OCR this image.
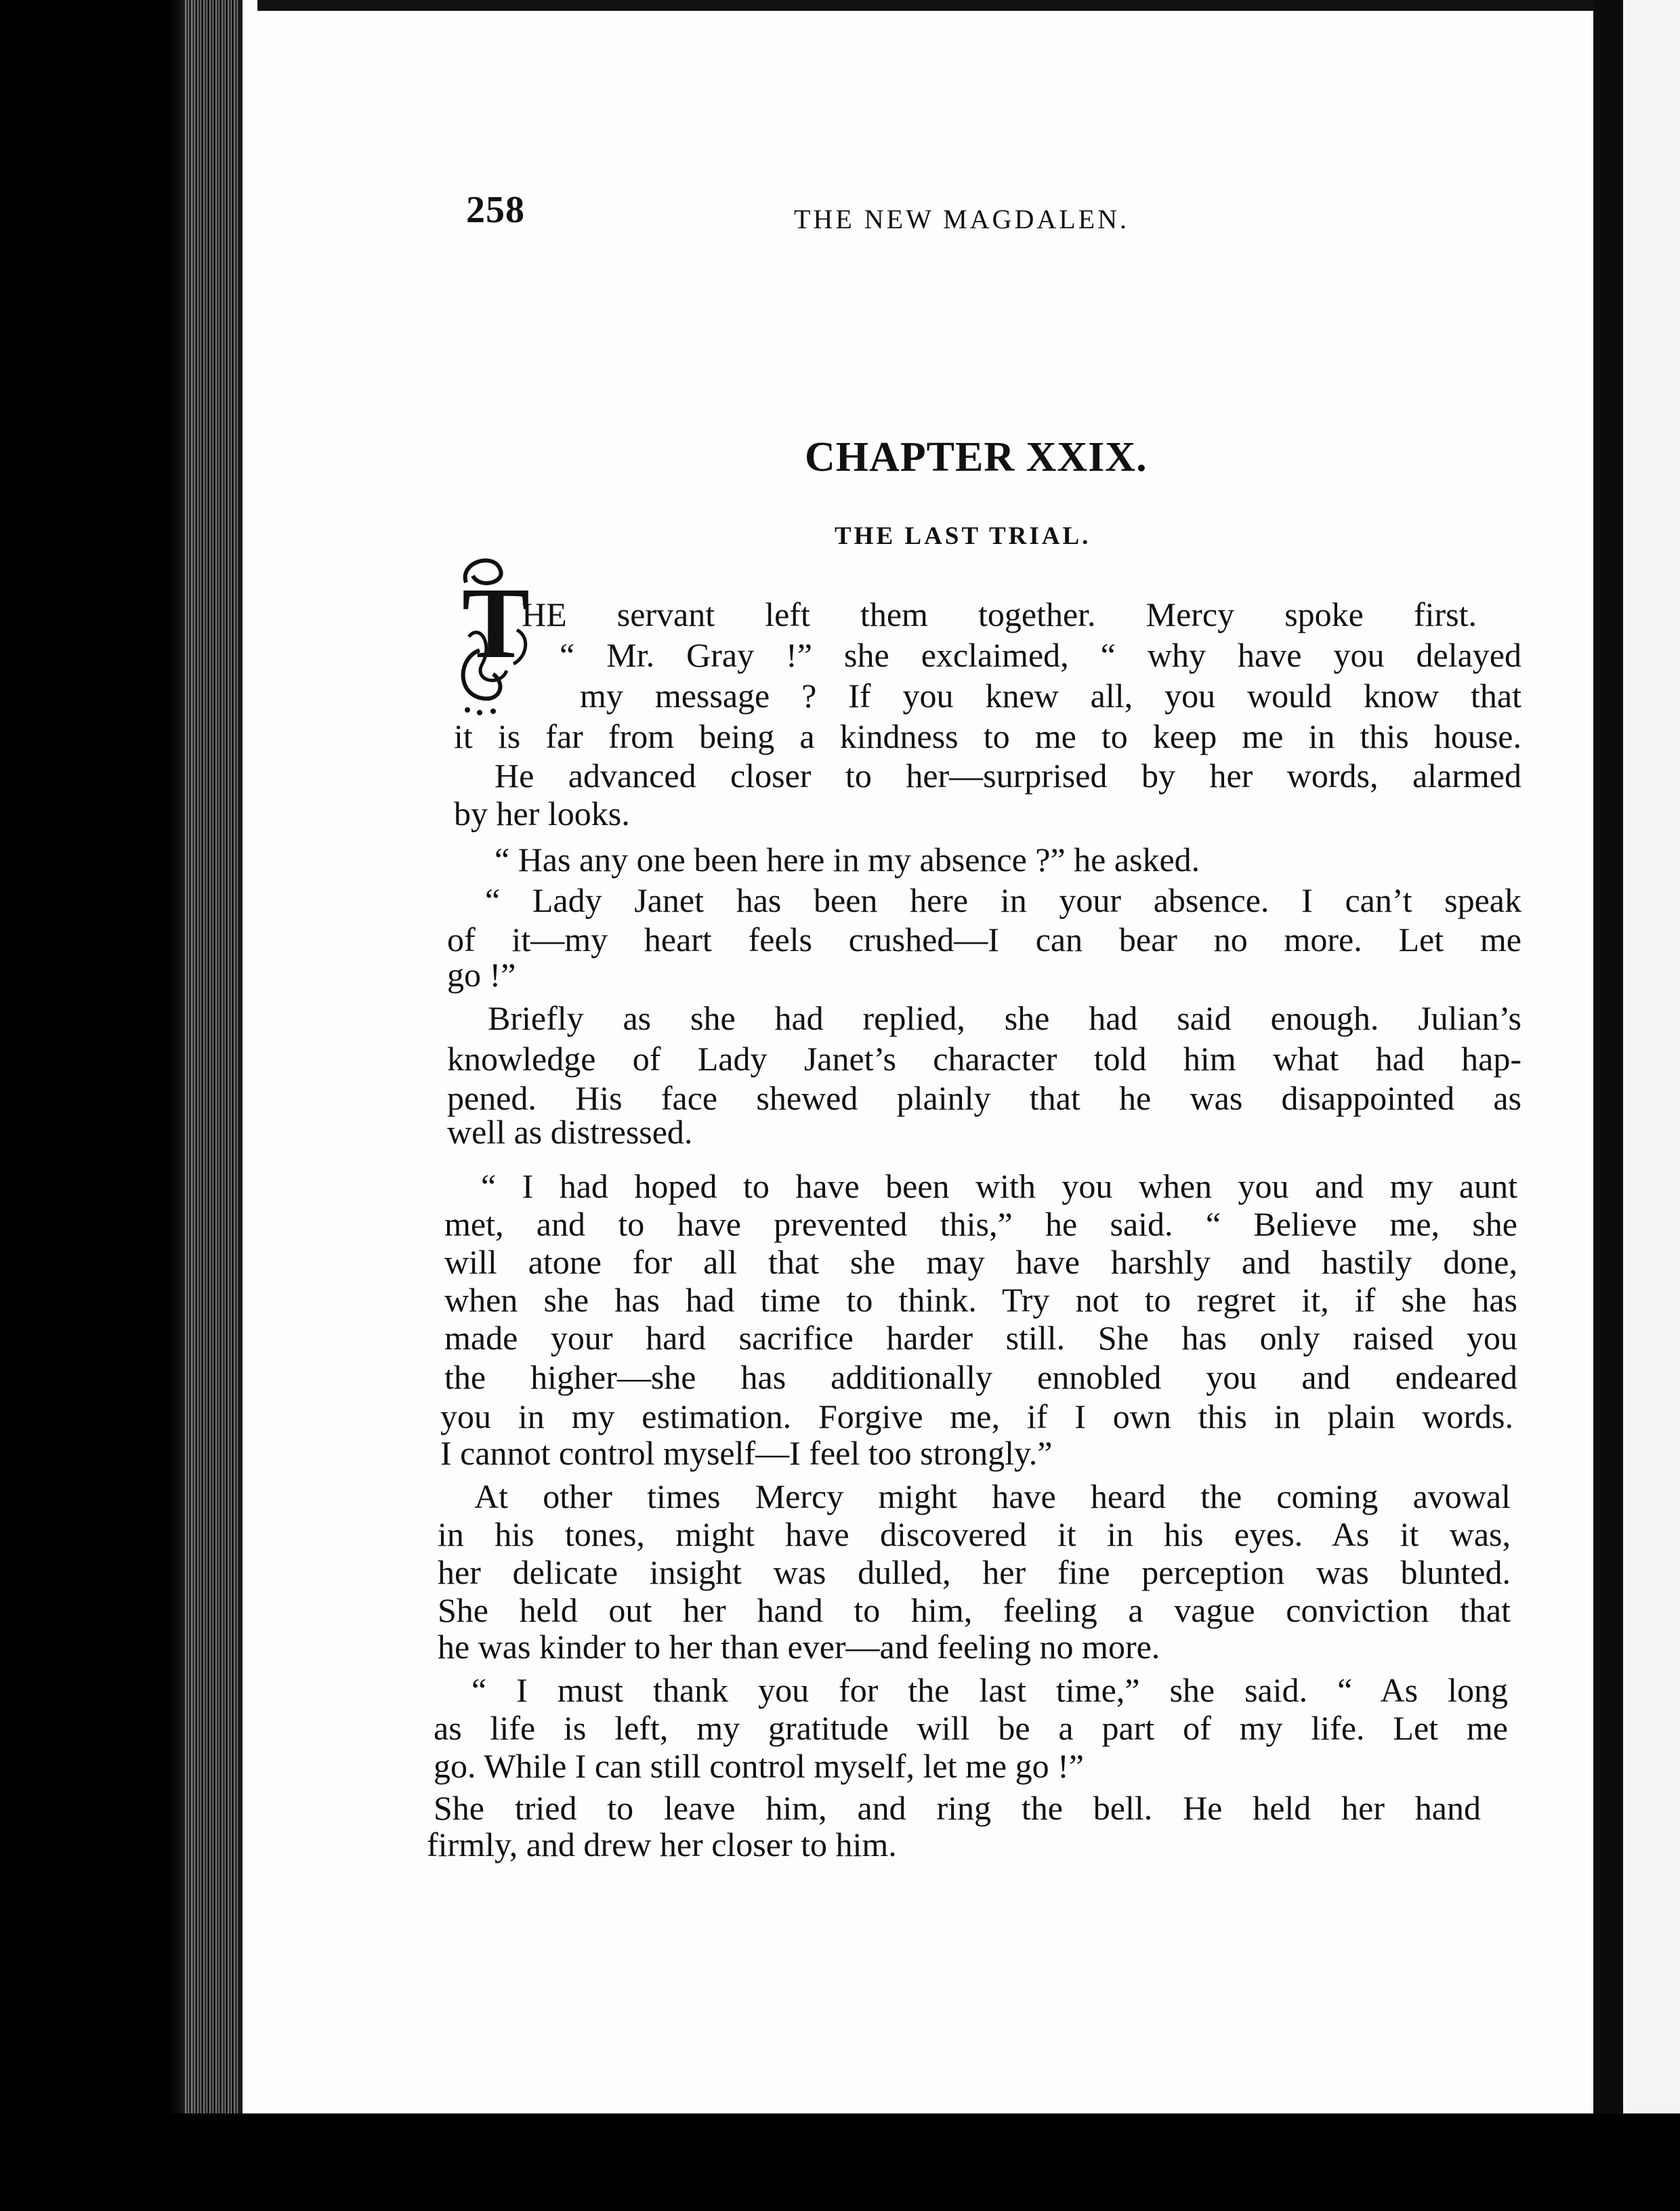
258	THE NEW MAGDALEN.
CHAPTER XXIX.
THE LAST TRIAL.
T
HE servant left them together. Mercy spoke first.
“ Mr. Gray !” she exclaimed, “ why have you delayed
my message ? If you knew all, you would know that
it is far from being a kindness to me to keep me in this house.
He advanced closer to her—surprised by her words, alarmed
by her looks.
“ Has any one been here in my absence ?” he asked.
“ Lady Janet has been here in your absence. I can’t speak
of it—my heart feels crushed—I can bear no more. Let me
go !”
Briefly as she had replied, she had said enough. Julian’s
knowledge of Lady Janet’s character told him what had hap-
pened. His face shewed plainly that he was disappointed as
well as distressed.
“ I had hoped to have been with you when you and my aunt
met, and to have prevented this,” he said. “ Believe me, she
will atone for all that she may have harshly and hastily done,
when she has had time to think. Try not to regret it, if she has
made your hard sacrifice harder still. She has only raised you
the higher—she has additionally ennobled you and endeared
you in my estimation. Forgive me, if I own this in plain words.
I cannot control myself—I feel too strongly.”
At other times Mercy might have heard the coming avowal
in his tones, might have discovered it in his eyes. As it was,
her delicate insight was dulled, her fine perception was blunted.
She held out her hand to him, feeling a vague conviction that
he was kinder to her than ever—and feeling no more.
“ I must thank you for the last time,” she said. “ As long
as life is left, my gratitude will be a part of my life. Let me
go. While I can still control myself, let me go !”
She tried to leave him, and ring the bell. He held her hand
firmly, and drew her closer to him.
